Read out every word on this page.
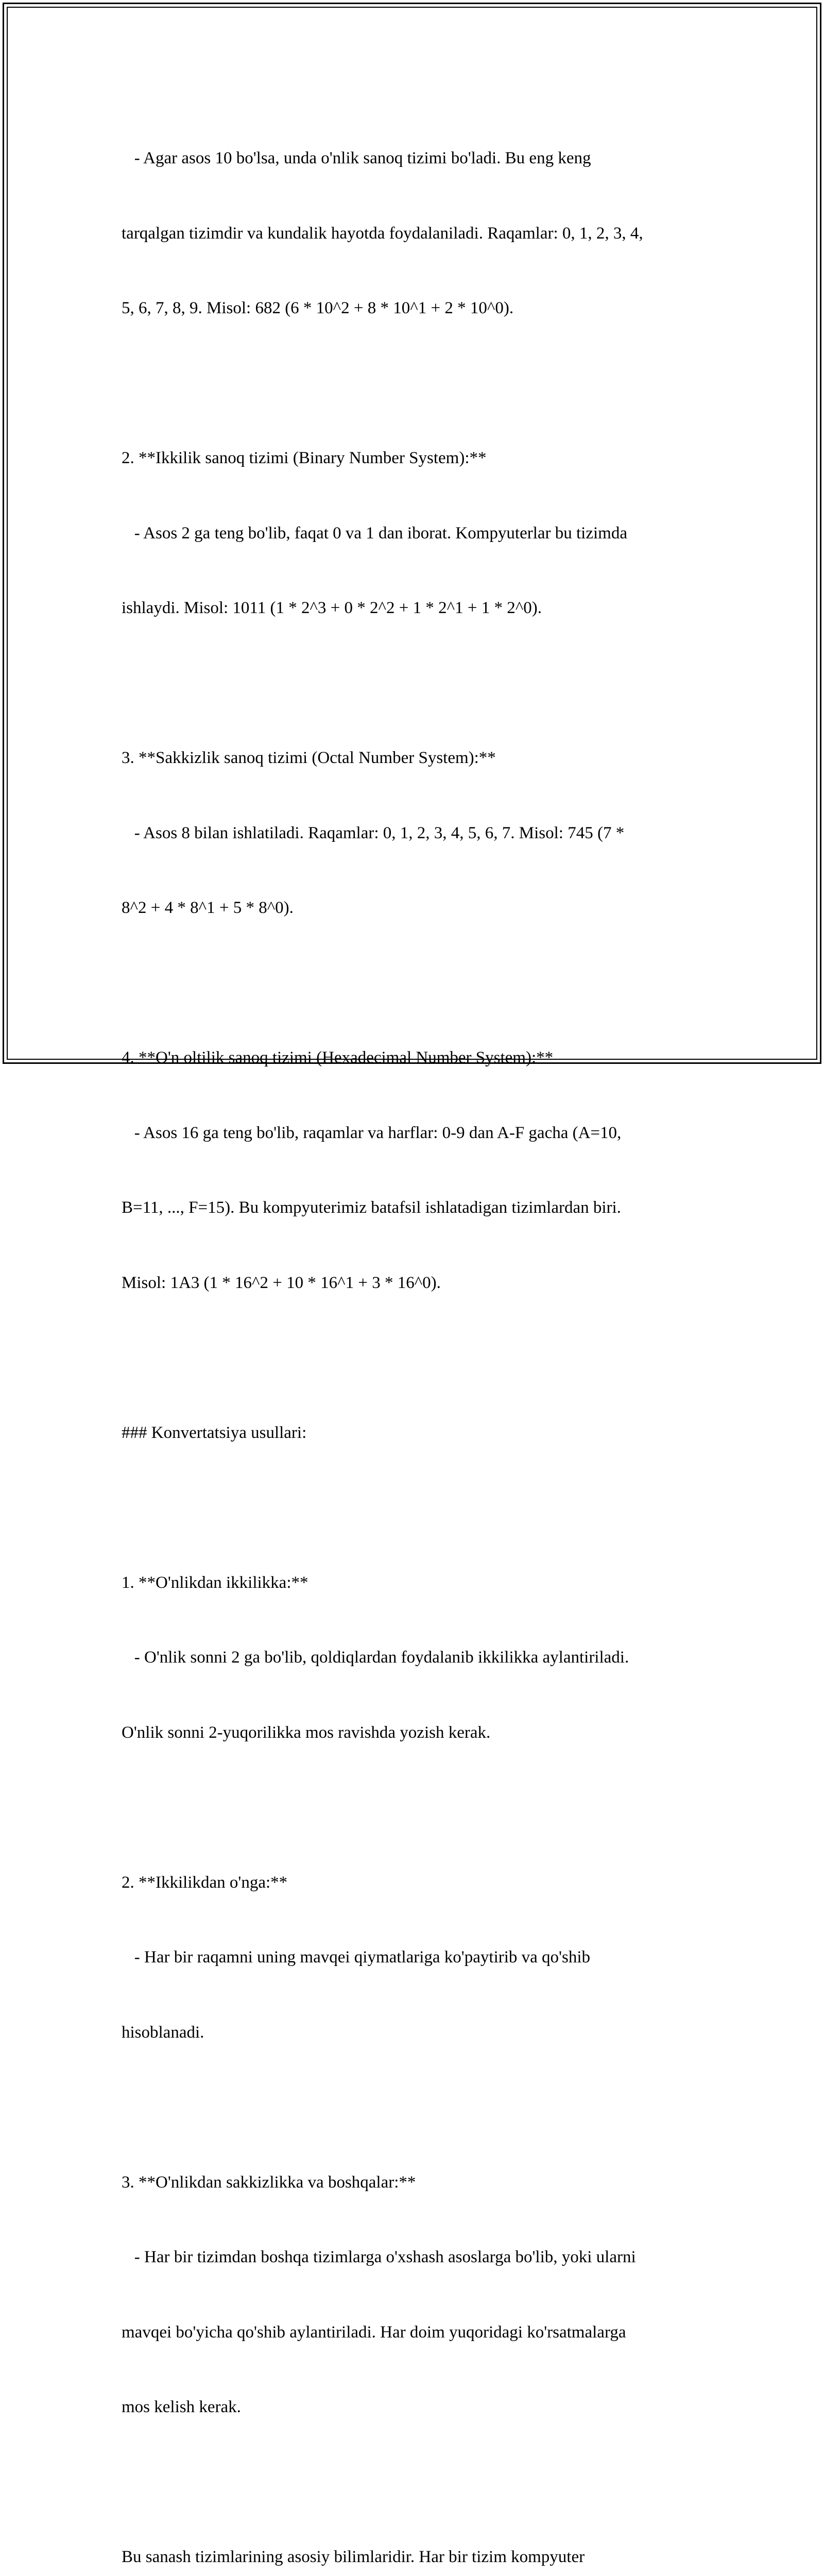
- Agar asos 10 bo'lsa, unda o'nlik sanoq tizimi bo'ladi. Bu eng keng

tarqalgan tizimdir va kundalik hayotda foydalaniladi. Raqamlar: 0, 1, 2, 3, 4,

5, 6, 7, 8, 9. Misol: 682 (6 * 10^2 + 8 * 10^1 + 2 * 10^0).

2. **Ikkilik sanoq tizimi (Binary Number System):**

- Asos 2 ga teng bo'lib, faqat 0 va 1 dan iborat. Kompyuterlar bu tizimda

ishlaydi. Misol: 1011 (1 * 2^3 + 0 * 2^2 + 1 * 2^1 + 1 * 2^0).

3. **Sakkizlik sanoq tizimi (Octal Number System):**

- Asos 8 bilan ishlatiladi. Raqamlar: 0, 1, 2, 3, 4, 5, 6, 7. Misol: 745 (7 *

8^2 + 4 * 8^1 + 5 * 8^0).

4. **O'n oltilik sanoq tizimi (Hexadecimal Number System):**

- Asos 16 ga teng bo'lib, raqamlar va harflar: 0-9 dan A-F gacha (A=10,

B=11, ..., F=15). Bu kompyuterimiz batafsil ishlatadigan tizimlardan biri.

Misol: 1A3 (1 * 16^2 + 10 * 16^1 + 3 * 16^0).

### Konvertatsiya usullari:

1. **O'nlikdan ikkilikka:**

- O'nlik sonni 2 ga bo'lib, qoldiqlardan foydalanib ikkilikka aylantiriladi.

O'nlik sonni 2-yuqorilikka mos ravishda yozish kerak.

2. **Ikkilikdan o'nga:**

- Har bir raqamni uning mavqei qiymatlariga ko'paytirib va qo'shib

hisoblanadi.

3. **O'nlikdan sakkizlikka va boshqalar:**

- Har bir tizimdan boshqa tizimlarga o'xshash asoslarga bo'lib, yoki ularni

mavqei bo'yicha qo'shib aylantiriladi. Har doim yuqoridagi ko'rsatmalarga

mos kelish kerak.

Bu sanash tizimlarining asosiy bilimlaridir. Har bir tizim kompyuter
